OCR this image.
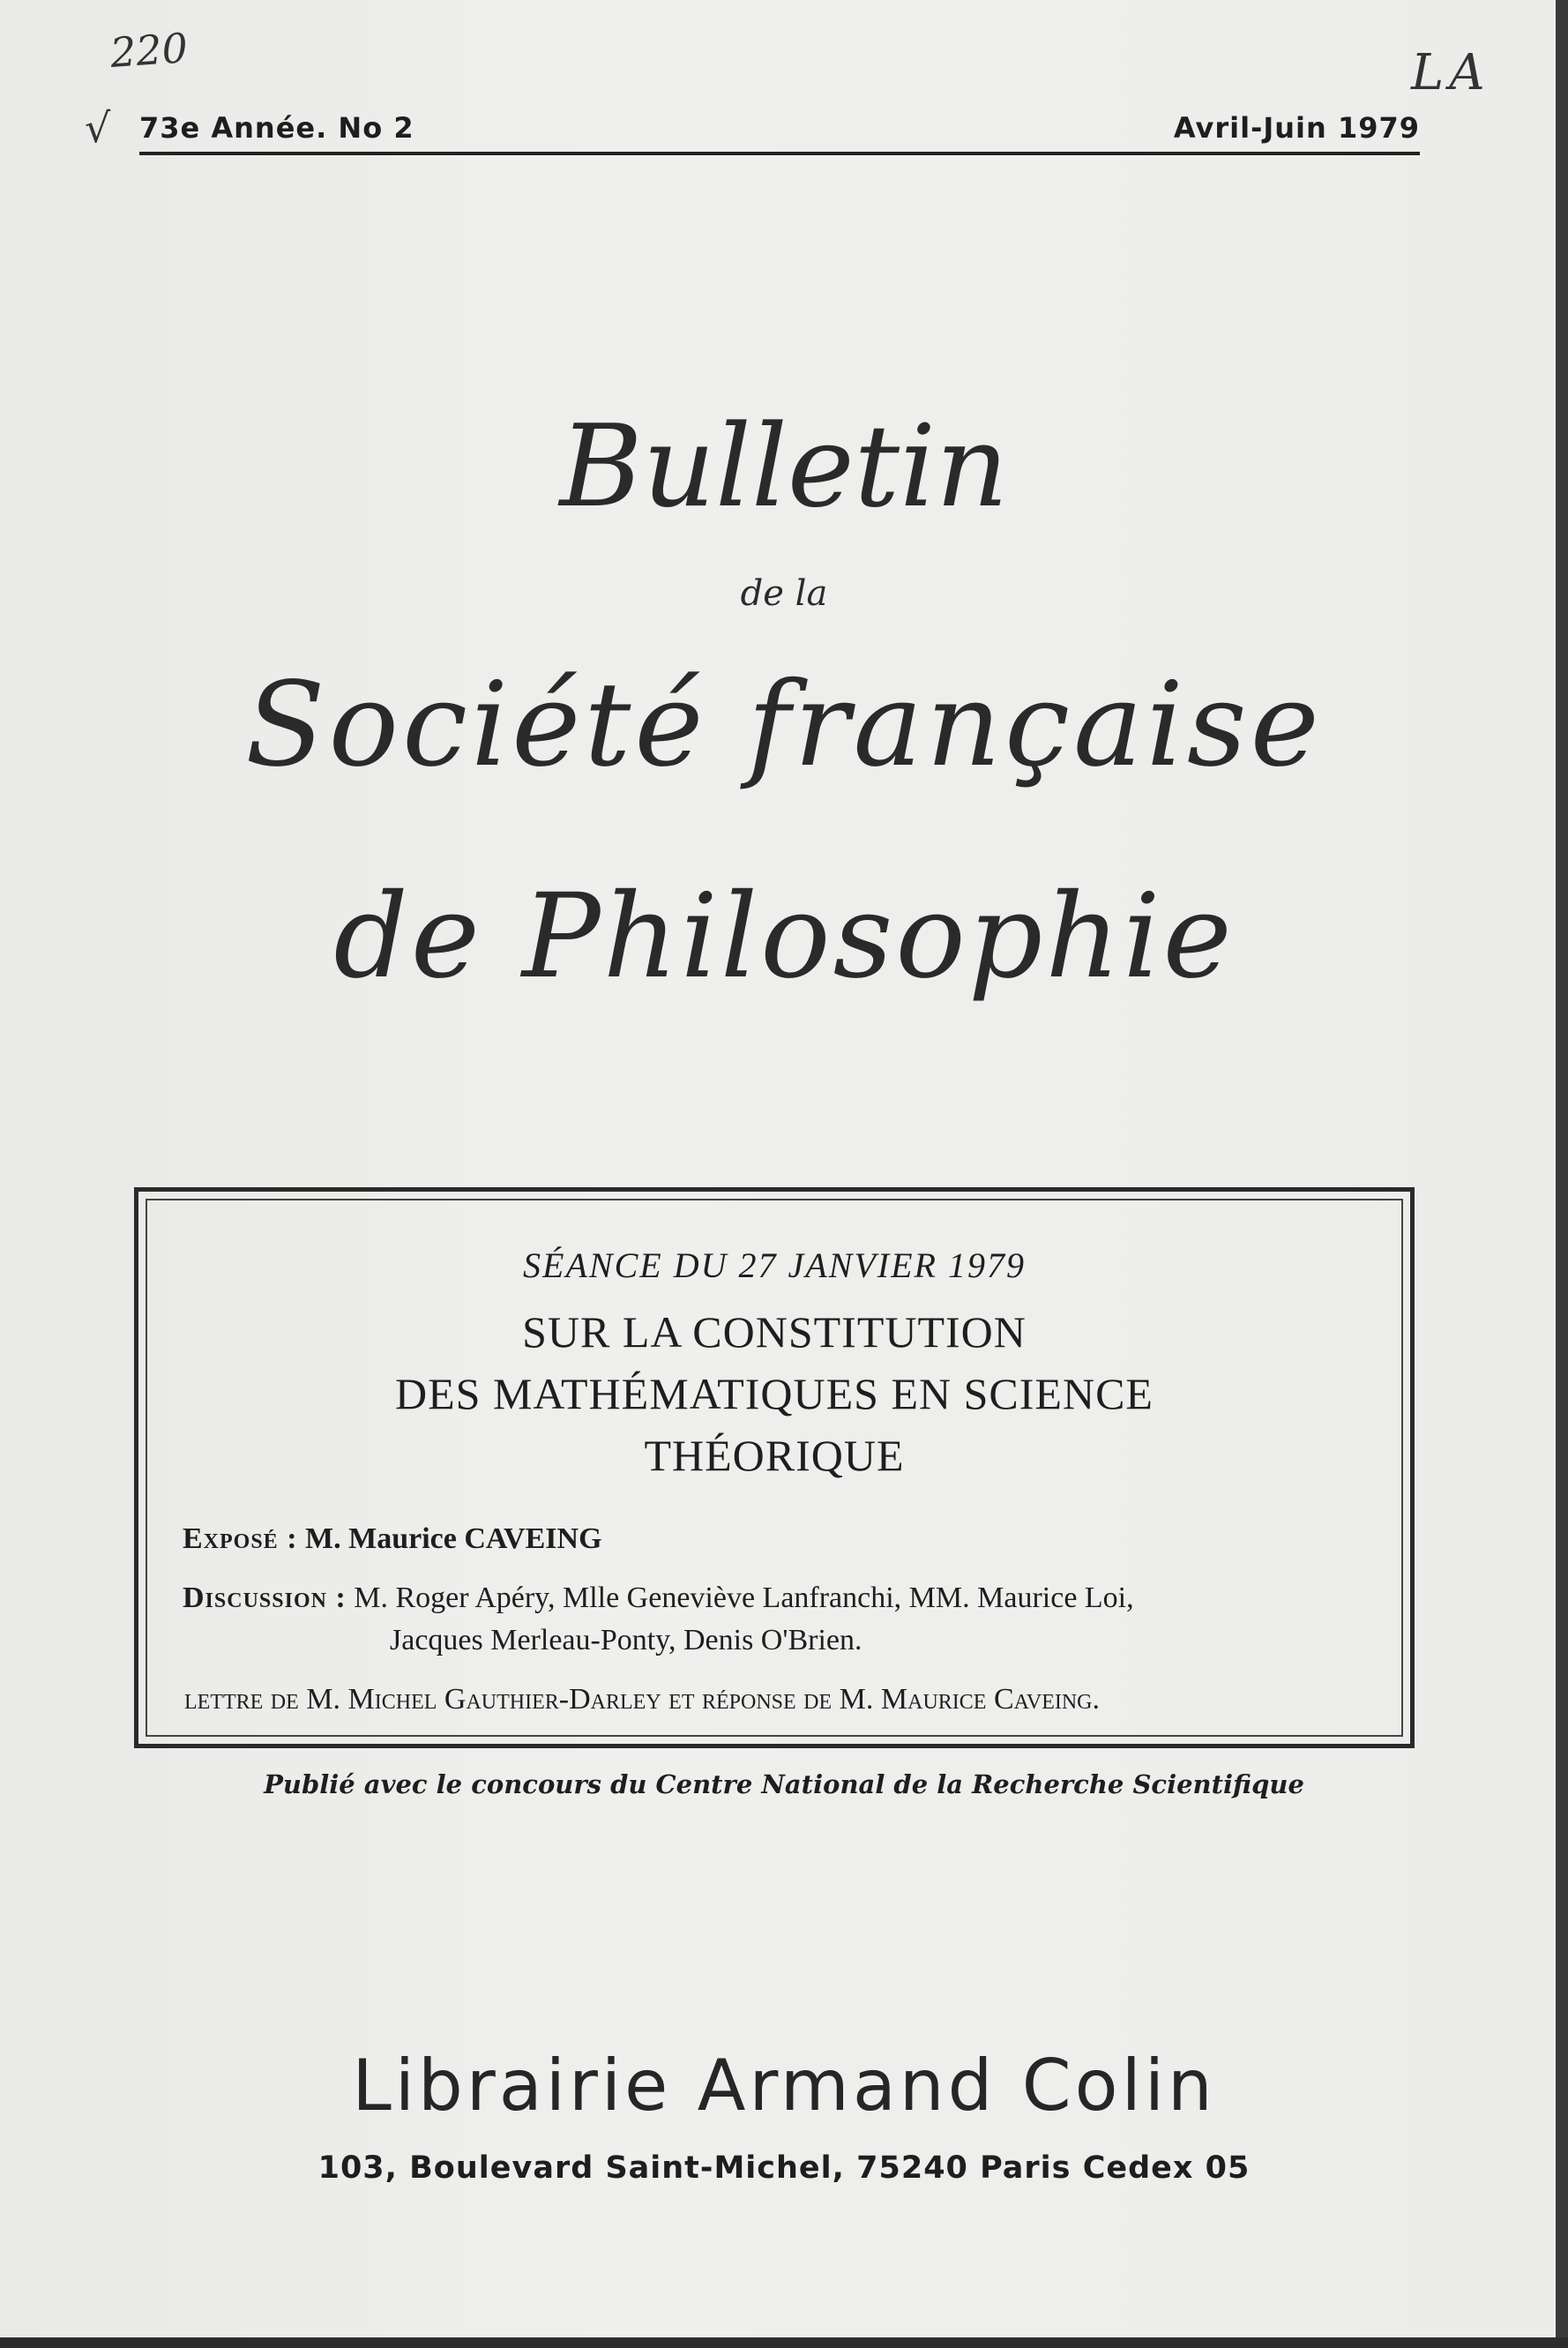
220
√
LA
73e Année. No 2	Avril-Juin 1979
Bulletin
de la
Société française
de Philosophie
SÉANCE DU 27 JANVIER 1979
SUR LA CONSTITUTION
DES MATHÉMATIQUES EN SCIENCE
THÉORIQUE
Exposé : M. Maurice CAVEING
Discussion : M. Roger Apéry, Mlle Geneviève Lanfranchi, MM. Maurice Loi,
Jacques Merleau-Ponty, Denis O'Brien.
lettre de M. Michel Gauthier-Darley et réponse de M. Maurice Caveing.
Publié avec le concours du Centre National de la Recherche Scientifique
Librairie Armand Colin
103, Boulevard Saint-Michel, 75240 Paris Cedex 05
